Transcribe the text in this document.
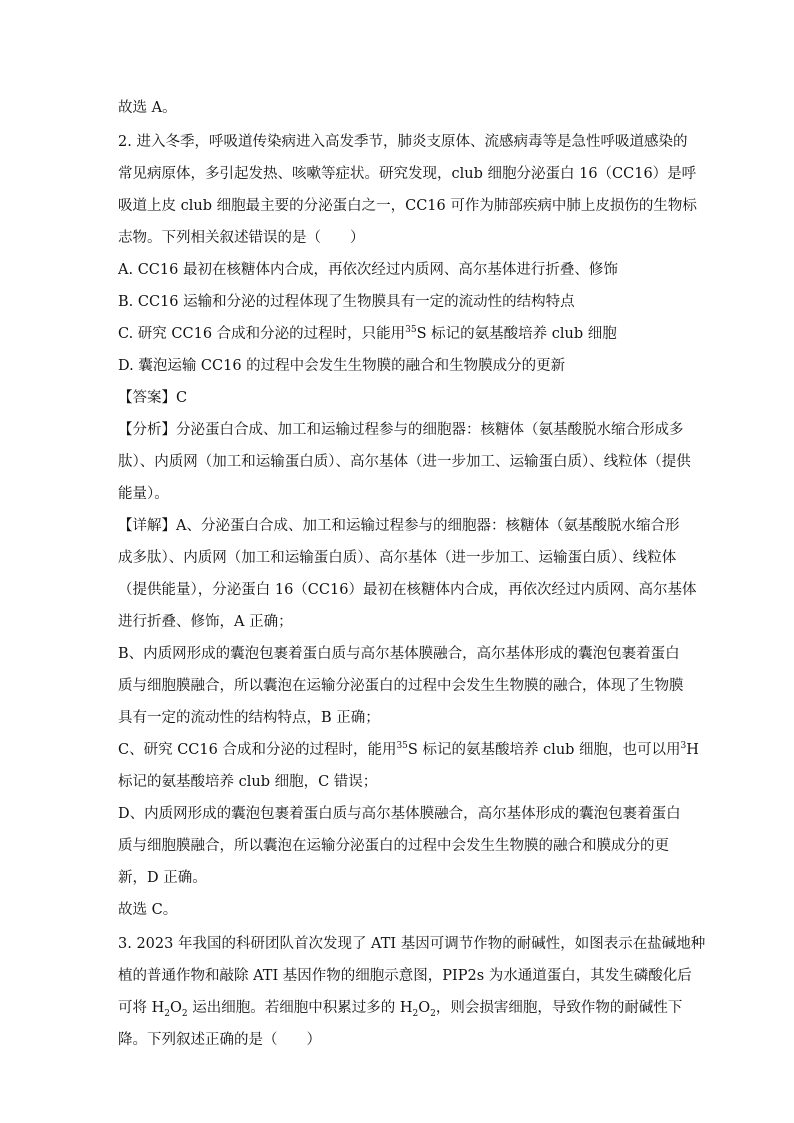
故选 A。
2. 进入冬季，呼吸道传染病进入高发季节，肺炎支原体、流感病毒等是急性呼吸道感染的
常见病原体，多引起发热、咳嗽等症状。研究发现，club 细胞分泌蛋白 16（CC16）是呼
吸道上皮 club 细胞最主要的分泌蛋白之一，CC16 可作为肺部疾病中肺上皮损伤的生物标
志物。下列相关叙述错误的是（　　）
A. CC16 最初在核糖体内合成，再依次经过内质网、高尔基体进行折叠、修饰
B. CC16 运输和分泌的过程体现了生物膜具有一定的流动性的结构特点
C. 研究 CC16 合成和分泌的过程时，只能用$^{35}$S 标记的氨基酸培养 club 细胞
D. 囊泡运输 CC16 的过程中会发生生物膜的融合和生物膜成分的更新
【答案】C
【分析】分泌蛋白合成、加工和运输过程参与的细胞器：核糖体（氨基酸脱水缩合形成多
肽）、内质网（加工和运输蛋白质）、高尔基体（进一步加工、运输蛋白质）、线粒体（提供
能量）。
【详解】A、分泌蛋白合成、加工和运输过程参与的细胞器：核糖体（氨基酸脱水缩合形
成多肽）、内质网（加工和运输蛋白质）、高尔基体（进一步加工、运输蛋白质）、线粒体
（提供能量），分泌蛋白 16（CC16）最初在核糖体内合成，再依次经过内质网、高尔基体
进行折叠、修饰，A 正确；
B、内质网形成的囊泡包裹着蛋白质与高尔基体膜融合，高尔基体形成的囊泡包裹着蛋白
质与细胞膜融合，所以囊泡在运输分泌蛋白的过程中会发生生物膜的融合，体现了生物膜
具有一定的流动性的结构特点，B 正确；
C、研究 CC16 合成和分泌的过程时，能用$^{35}$S 标记的氨基酸培养 club 细胞，也可以用$^3$H
标记的氨基酸培养 club 细胞，C 错误；
D、内质网形成的囊泡包裹着蛋白质与高尔基体膜融合，高尔基体形成的囊泡包裹着蛋白
质与细胞膜融合，所以囊泡在运输分泌蛋白的过程中会发生生物膜的融合和膜成分的更
新，D 正确。
故选 C。
3. 2023 年我国的科研团队首次发现了 ATI 基因可调节作物的耐碱性，如图表示在盐碱地种
植的普通作物和敲除 ATI 基因作物的细胞示意图，PIP2s 为水通道蛋白，其发生磷酸化后
可将 $H_2O_2$ 运出细胞。若细胞中积累过多的 $H_2O_2$，则会损害细胞，导致作物的耐碱性下
降。下列叙述正确的是（　　）
